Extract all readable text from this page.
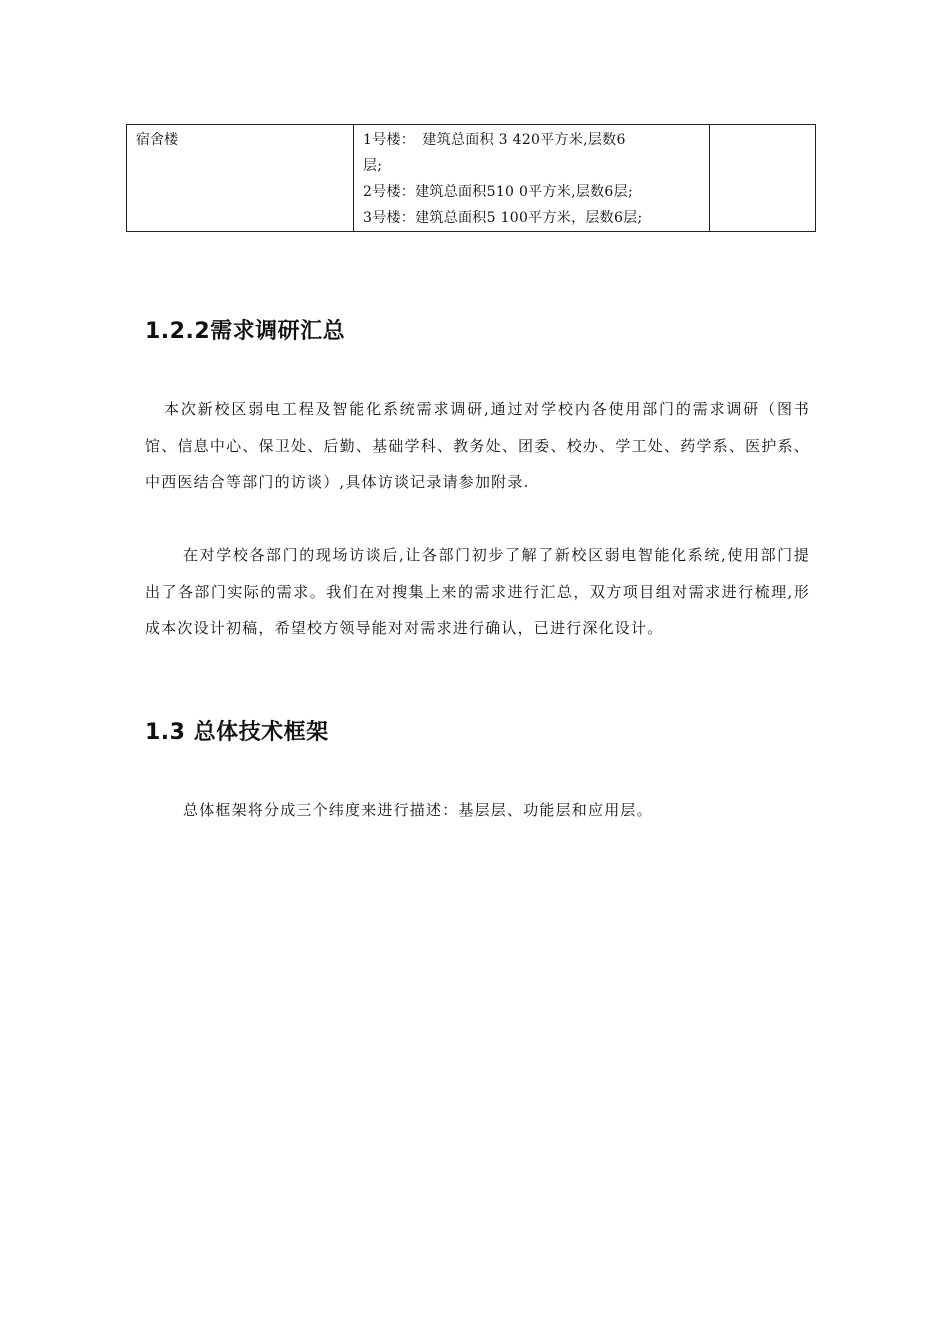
宿舍楼	1号楼：　建筑总面积 3 420平方米,层数6
层;
2号楼：建筑总面积510 0平方米,层数6层;
3号楼：建筑总面积5 100平方米，层数6层;

1.2.2需求调研汇总

本次新校区弱电工程及智能化系统需求调研,通过对学校内各使用部门的需求调研（图书馆、信息中心、保卫处、后勤、基础学科、教务处、团委、校办、学工处、药学系、医护系、中西医结合等部门的访谈）,具体访谈记录请参加附录.

在对学校各部门的现场访谈后,让各部门初步了解了新校区弱电智能化系统,使用部门提出了各部门实际的需求。我们在对搜集上来的需求进行汇总，双方项目组对需求进行梳理,形成本次设计初稿，希望校方领导能对对需求进行确认，已进行深化设计。

1.3 总体技术框架

总体框架将分成三个纬度来进行描述：基层层、功能层和应用层。
